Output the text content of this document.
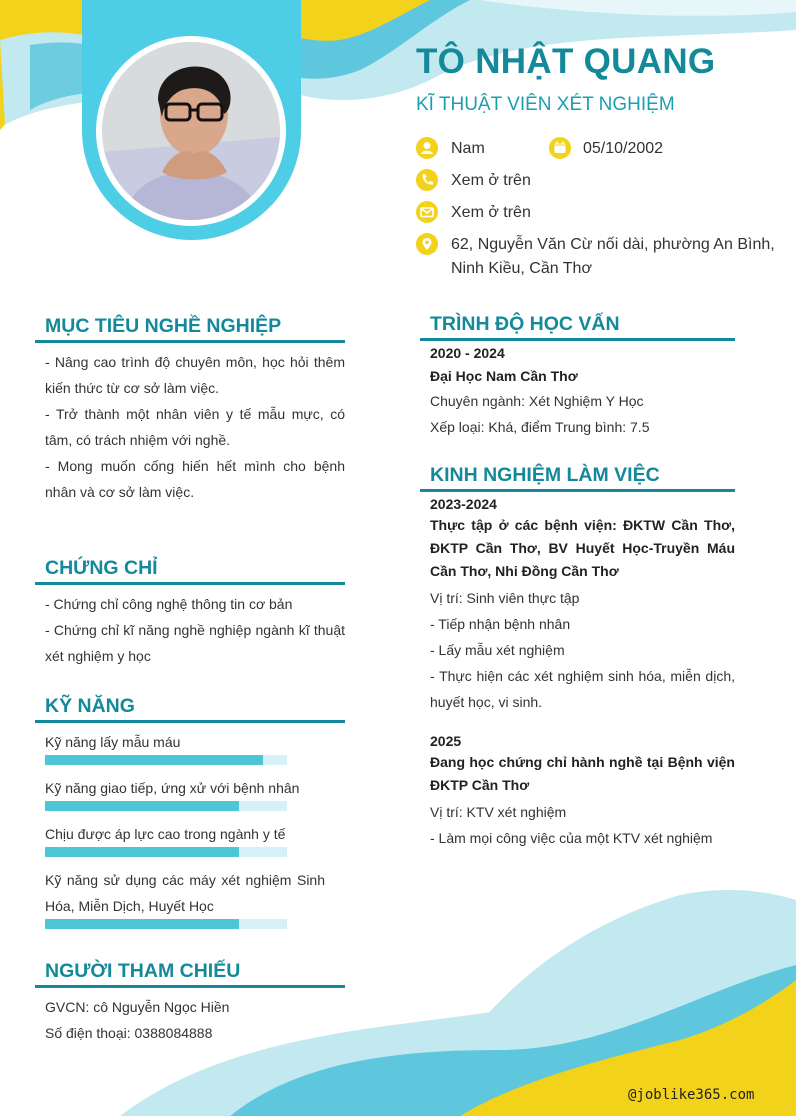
TÔ NHẬT QUANG
KĨ THUẬT VIÊN XÉT NGHIỆM
Nam	05/10/2002
Xem ở trên
Xem ở trên
62, Nguyễn Văn Cừ nối dài, phường An Bình,
Ninh Kiều, Cần Thơ
MỤC TIÊU NGHỀ NGHIỆP
- Nâng cao trình độ chuyên môn, học hỏi thêm kiến thức từ cơ sở làm việc.
- Trở thành một nhân viên y tế mẫu mực, có tâm, có trách nhiệm với nghề.
- Mong muốn cống hiến hết mình cho bệnh nhân và cơ sở làm việc.
CHỨNG CHỈ
- Chứng chỉ công nghệ thông tin cơ bản
- Chứng chỉ kĩ năng nghề nghiệp ngành kĩ thuật xét nghiệm y học
KỸ NĂNG
Kỹ năng lấy mẫu máu
Kỹ năng giao tiếp, ứng xử với bệnh nhân
Chịu được áp lực cao trong ngành y tế
Kỹ năng sử dụng các máy xét nghiệm Sinh Hóa, Miễn Dịch, Huyết Học
NGƯỜI THAM CHIẾU
GVCN: cô Nguyễn Ngọc Hiền
Số điện thoại: 0388084888
TRÌNH ĐỘ HỌC VẤN
2020 - 2024
Đại Học Nam Cần Thơ
Chuyên ngành: Xét Nghiệm Y Học
Xếp loại: Khá, điểm Trung bình: 7.5
KINH NGHIỆM LÀM VIỆC
2023-2024
Thực tập ở các bệnh viện: ĐKTW Cần Thơ, ĐKTP Cần Thơ, BV Huyết Học-Truyền Máu Cần Thơ, Nhi Đồng Cần Thơ
Vị trí: Sinh viên thực tập
- Tiếp nhận bệnh nhân
- Lấy mẫu xét nghiệm
- Thực hiện các xét nghiệm sinh hóa, miễn dịch, huyết học, vi sinh.
2025
Đang học chứng chỉ hành nghề tại Bệnh viện ĐKTP Cần Thơ
Vị trí: KTV xét nghiệm
- Làm mọi công việc của một KTV xét nghiệm
@joblike365.com
